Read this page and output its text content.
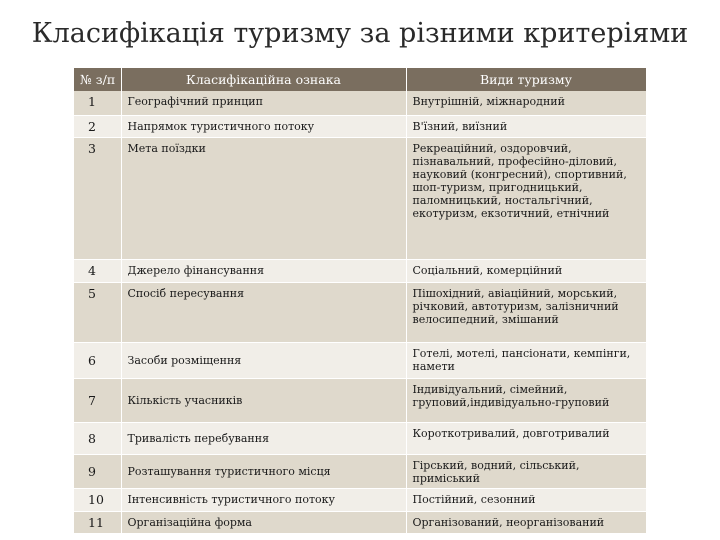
Класифікація туризму за різними критеріями
№ з/п	Класифікаційна ознака	Види туризму
1	Географічний принцип	Внутрішній, міжнародний
2	Напрямок туристичного потоку	В'їзний, виїзний
3	Мета поїздки	Рекреаційний, оздоровчий, пізнавальний, професійно-діловий, науковий (конгресний), спортивний, шоп-туризм, пригодницький, паломницький, ностальгічний, екотуризм, екзотичний, етнічний
4	Джерело фінансування	Соціальний, комерційний
5	Спосіб пересування	Пішохідний, авіаційний, морський, річковий, автотуризм, залізничний велосипедний, змішаний
6	Засоби розміщення	Готелі, мотелі, пансіонати, кемпінги, намети
7	Кількість учасників	Індивідуальний, сімейний, груповий,індивідуально-груповий
8	Тривалість перебування	Короткотривалий, довготривалий
9	Розташування туристичного місця	Гірський, водний, сільський, приміський
10	Інтенсивність туристичного потоку	Постійний, сезонний
11	Організаційна форма	Організований, неорганізований
